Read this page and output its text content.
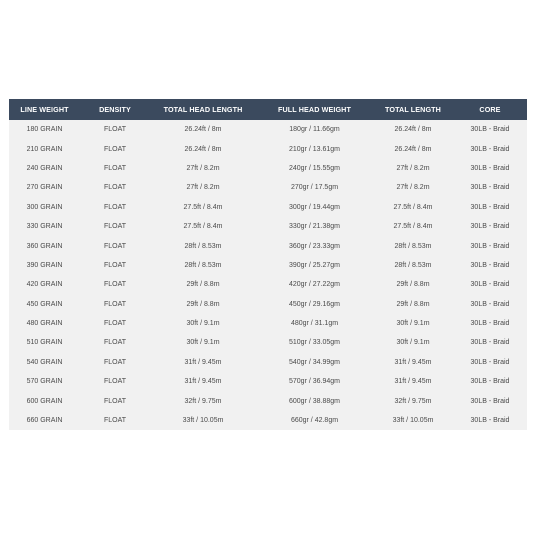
LINE WEIGHT	DENSITY	TOTAL HEAD LENGTH	FULL HEAD WEIGHT	TOTAL LENGTH	CORE
180 GRAIN	FLOAT	26.24ft / 8m	180gr / 11.66gm	26.24ft / 8m	30LB - Braid
210 GRAIN	FLOAT	26.24ft / 8m	210gr / 13.61gm	26.24ft / 8m	30LB - Braid
240 GRAIN	FLOAT	27ft / 8.2m	240gr / 15.55gm	27ft / 8.2m	30LB - Braid
270 GRAIN	FLOAT	27ft / 8.2m	270gr / 17.5gm	27ft / 8.2m	30LB - Braid
300 GRAIN	FLOAT	27.5ft / 8.4m	300gr / 19.44gm	27.5ft / 8.4m	30LB - Braid
330 GRAIN	FLOAT	27.5ft / 8.4m	330gr / 21.38gm	27.5ft / 8.4m	30LB - Braid
360 GRAIN	FLOAT	28ft / 8.53m	360gr / 23.33gm	28ft / 8.53m	30LB - Braid
390 GRAIN	FLOAT	28ft / 8.53m	390gr / 25.27gm	28ft / 8.53m	30LB - Braid
420 GRAIN	FLOAT	29ft / 8.8m	420gr / 27.22gm	29ft / 8.8m	30LB - Braid
450 GRAIN	FLOAT	29ft / 8.8m	450gr / 29.16gm	29ft / 8.8m	30LB - Braid
480 GRAIN	FLOAT	30ft / 9.1m	480gr / 31.1gm	30ft / 9.1m	30LB - Braid
510 GRAIN	FLOAT	30ft / 9.1m	510gr / 33.05gm	30ft / 9.1m	30LB - Braid
540 GRAIN	FLOAT	31ft / 9.45m	540gr / 34.99gm	31ft / 9.45m	30LB - Braid
570 GRAIN	FLOAT	31ft / 9.45m	570gr / 36.94gm	31ft / 9.45m	30LB - Braid
600 GRAIN	FLOAT	32ft / 9.75m	600gr / 38.88gm	32ft / 9.75m	30LB - Braid
660 GRAIN	FLOAT	33ft / 10.05m	660gr / 42.8gm	33ft / 10.05m	30LB - Braid
